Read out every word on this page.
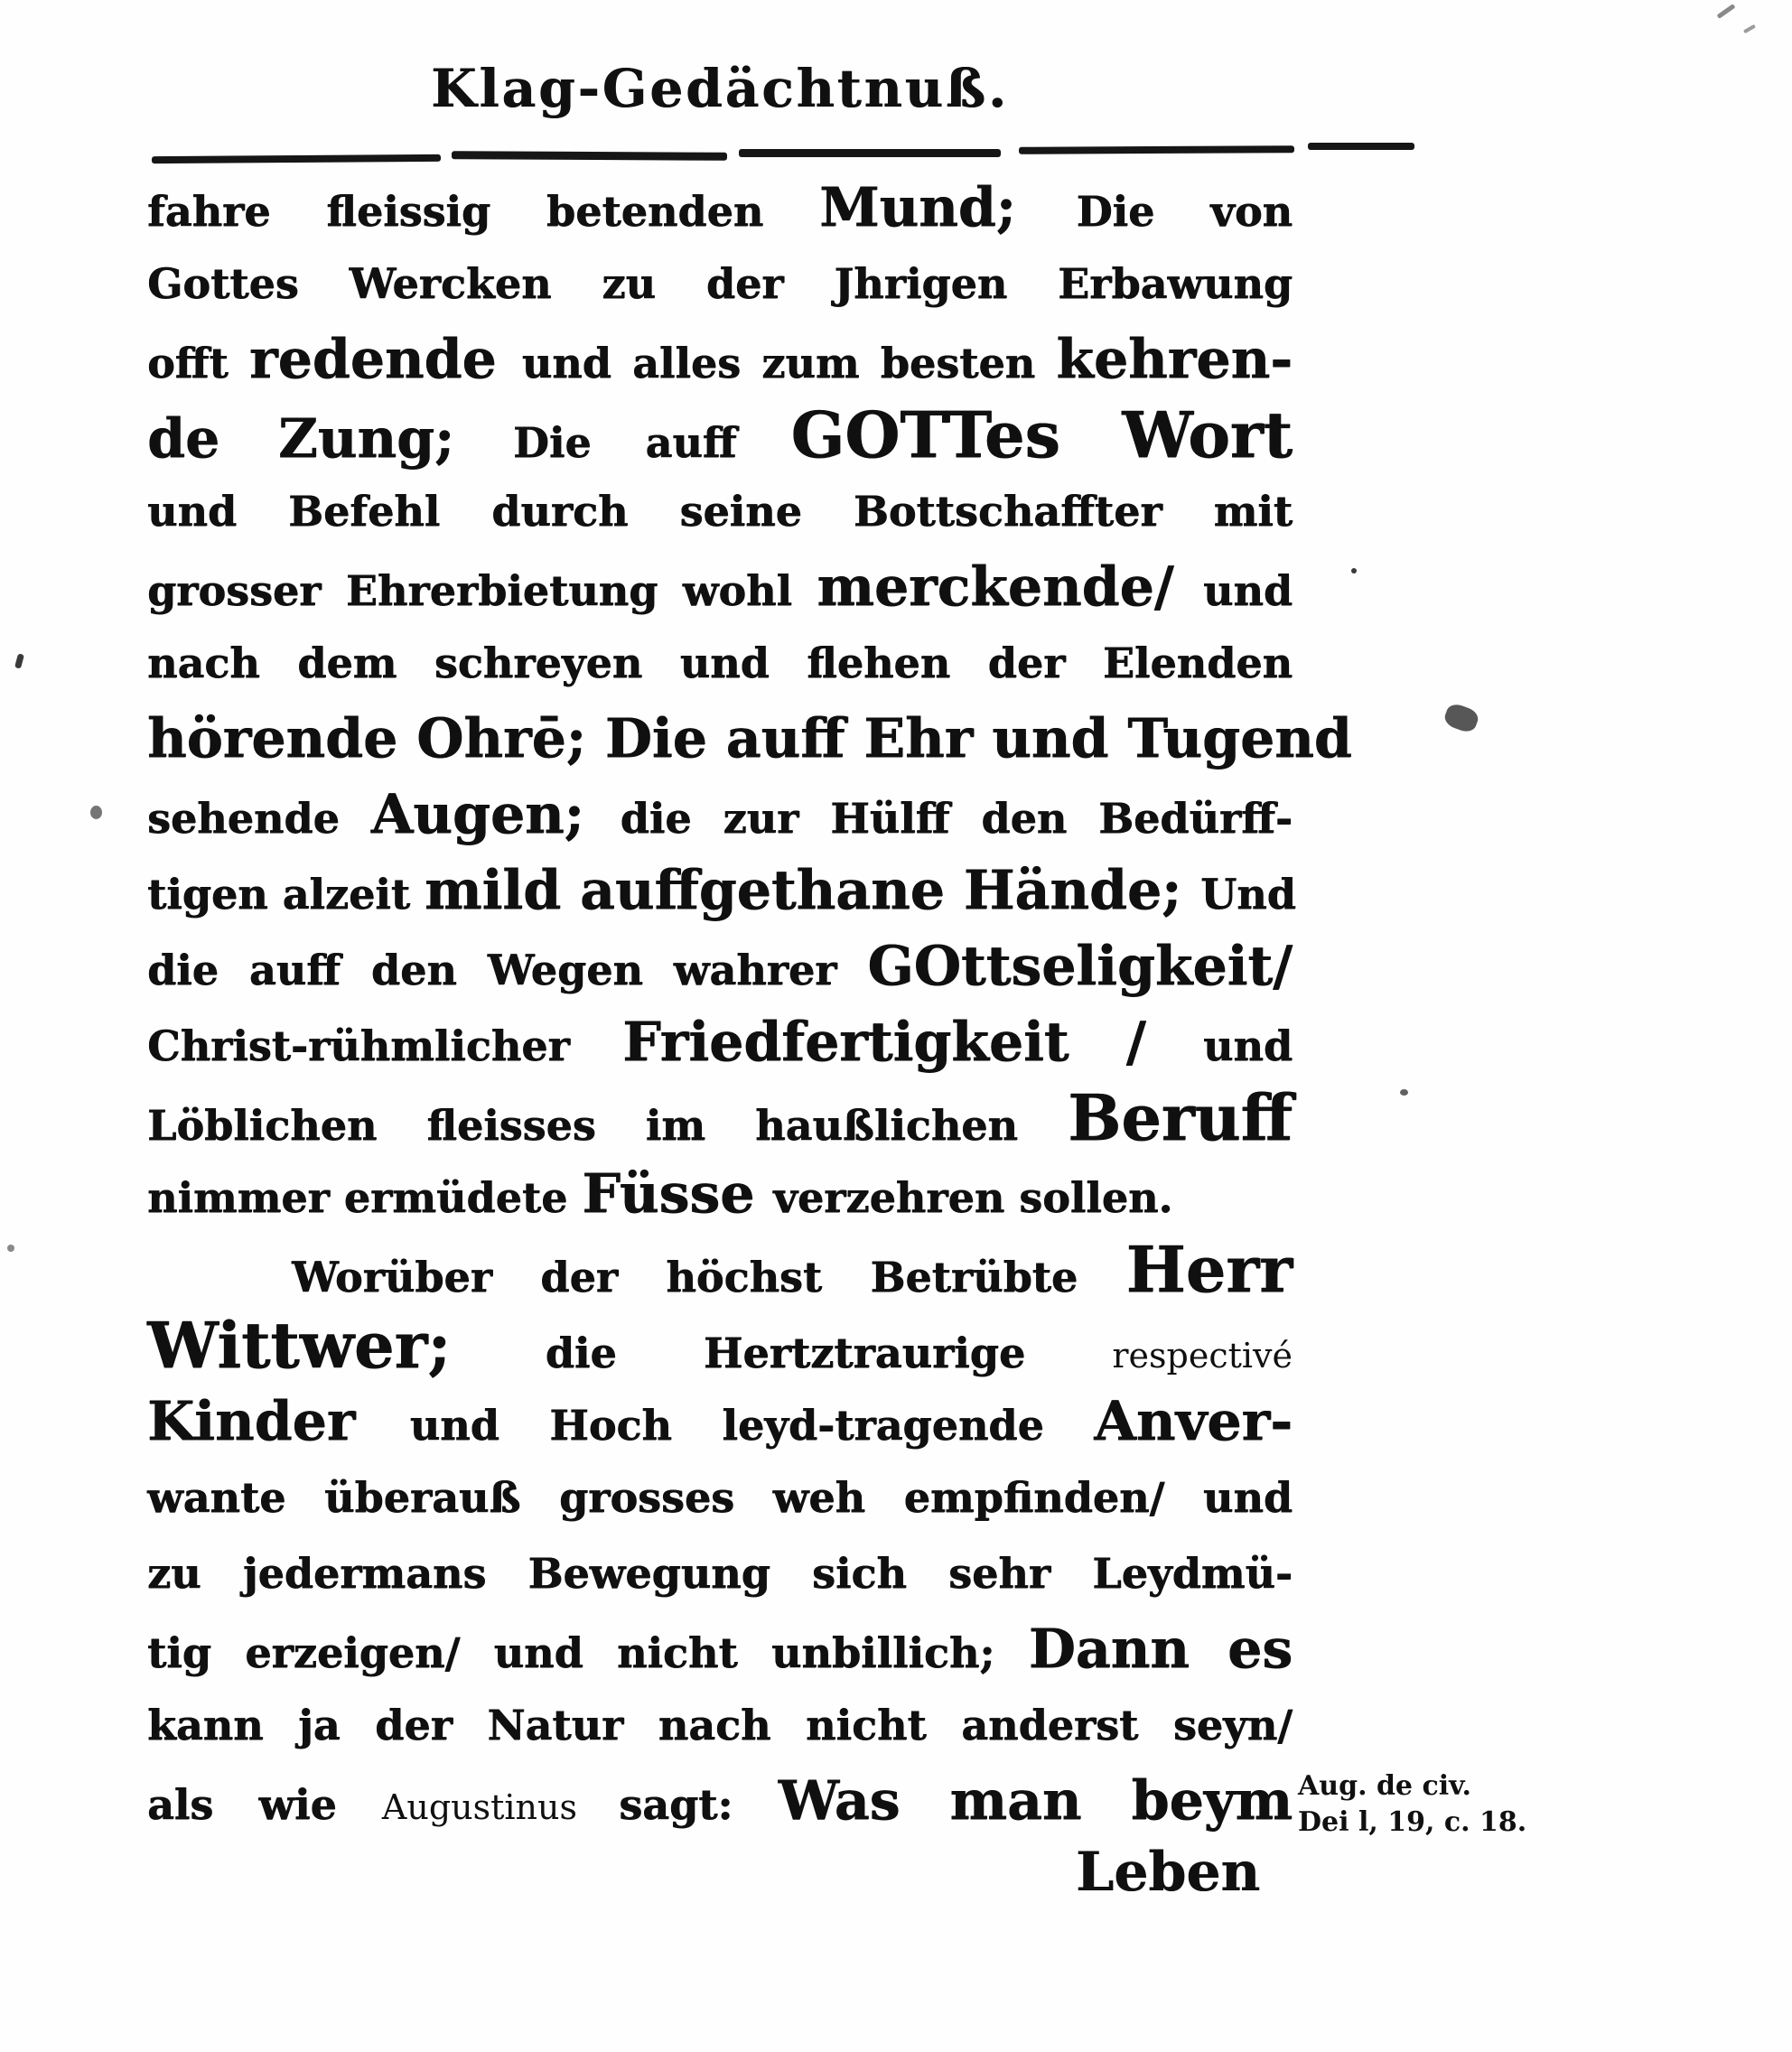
Klag-Gedächtnuß.
fahre fleissig betenden Mund; Die von
Gottes Wercken zu der Jhrigen Erbawung
offt redende und alles zum besten kehren-
de Zung; Die auff GOTTes Wort
und Befehl durch seine Bottschaffter mit
grosser Ehrerbietung wohl merckende/ und
nach dem schreyen und flehen der Elenden
hörende Ohrē; Die auff Ehr und Tugend
sehende Augen; die zur Hülff den Bedürff-
tigen alzeit mild auffgethane Hände; Und
die auff den Wegen wahrer GOttseligkeit/
Christ-rühmlicher Friedfertigkeit / und
Löblichen fleisses im haußlichen Beruff
nimmer ermüdete Füsse verzehren sollen.
Worüber der höchst Betrübte Herr
Wittwer; die Hertztraurige respectivé
Kinder und Hoch leyd-tragende Anver-
wante überauß grosses weh empfinden/ und
zu jedermans Bewegung sich sehr Leydmü-
tig erzeigen/ und nicht unbillich; Dann es
kann ja der Natur nach nicht anderst seyn/
als wie Augustinus sagt: Was man beym Aug. de civ.
Dei l, 19, c. 18.
Leben
